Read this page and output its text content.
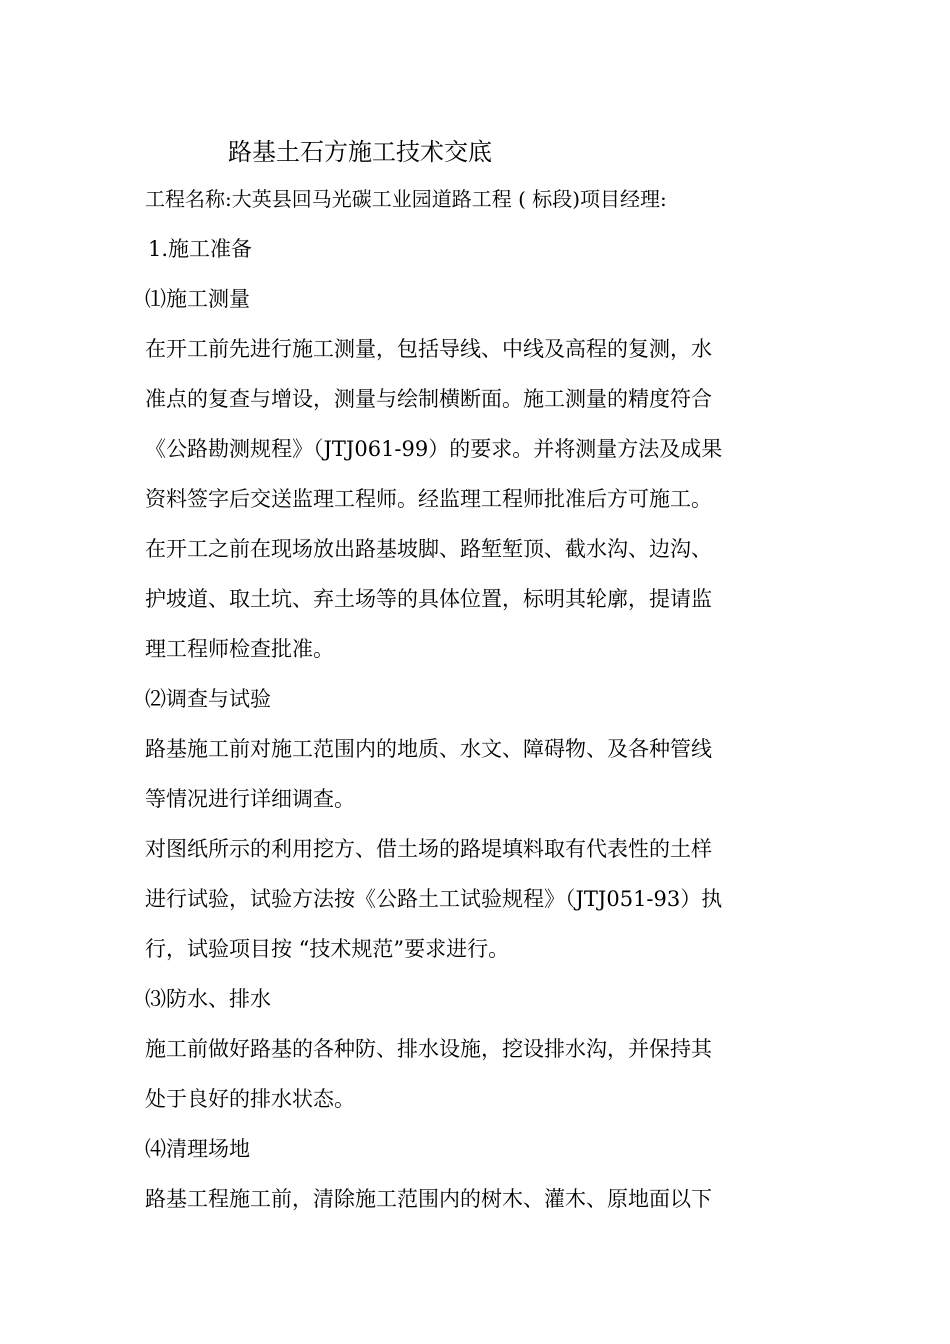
路基土石方施工技术交底
工程名称:大英县回马光碳工业园道路工程 ( 标段)项目经理:
1.施工准备
⑴施工测量
在开工前先进行施工测量，包括导线、中线及高程的复测，水
准点的复查与增设，测量与绘制横断面。施工测量的精度符合
《公路勘测规程》（JTJ061-99）的要求。并将测量方法及成果
资料签字后交送监理工程师。经监理工程师批准后方可施工。
在开工之前在现场放出路基坡脚、路堑堑顶、截水沟、边沟、
护坡道、取土坑、弃土场等的具体位置，标明其轮廓，提请监
理工程师检查批准。
⑵调查与试验
路基施工前对施工范围内的地质、水文、障碍物、及各种管线
等情况进行详细调查。
对图纸所示的利用挖方、借土场的路堤填料取有代表性的土样
进行试验，试验方法按《公路土工试验规程》（JTJ051-93）执
行，试验项目按 “技术规范”要求进行。
⑶防水、排水
施工前做好路基的各种防、排水设施，挖设排水沟，并保持其
处于良好的排水状态。
⑷清理场地
路基工程施工前，清除施工范围内的树木、灌木、原地面以下
